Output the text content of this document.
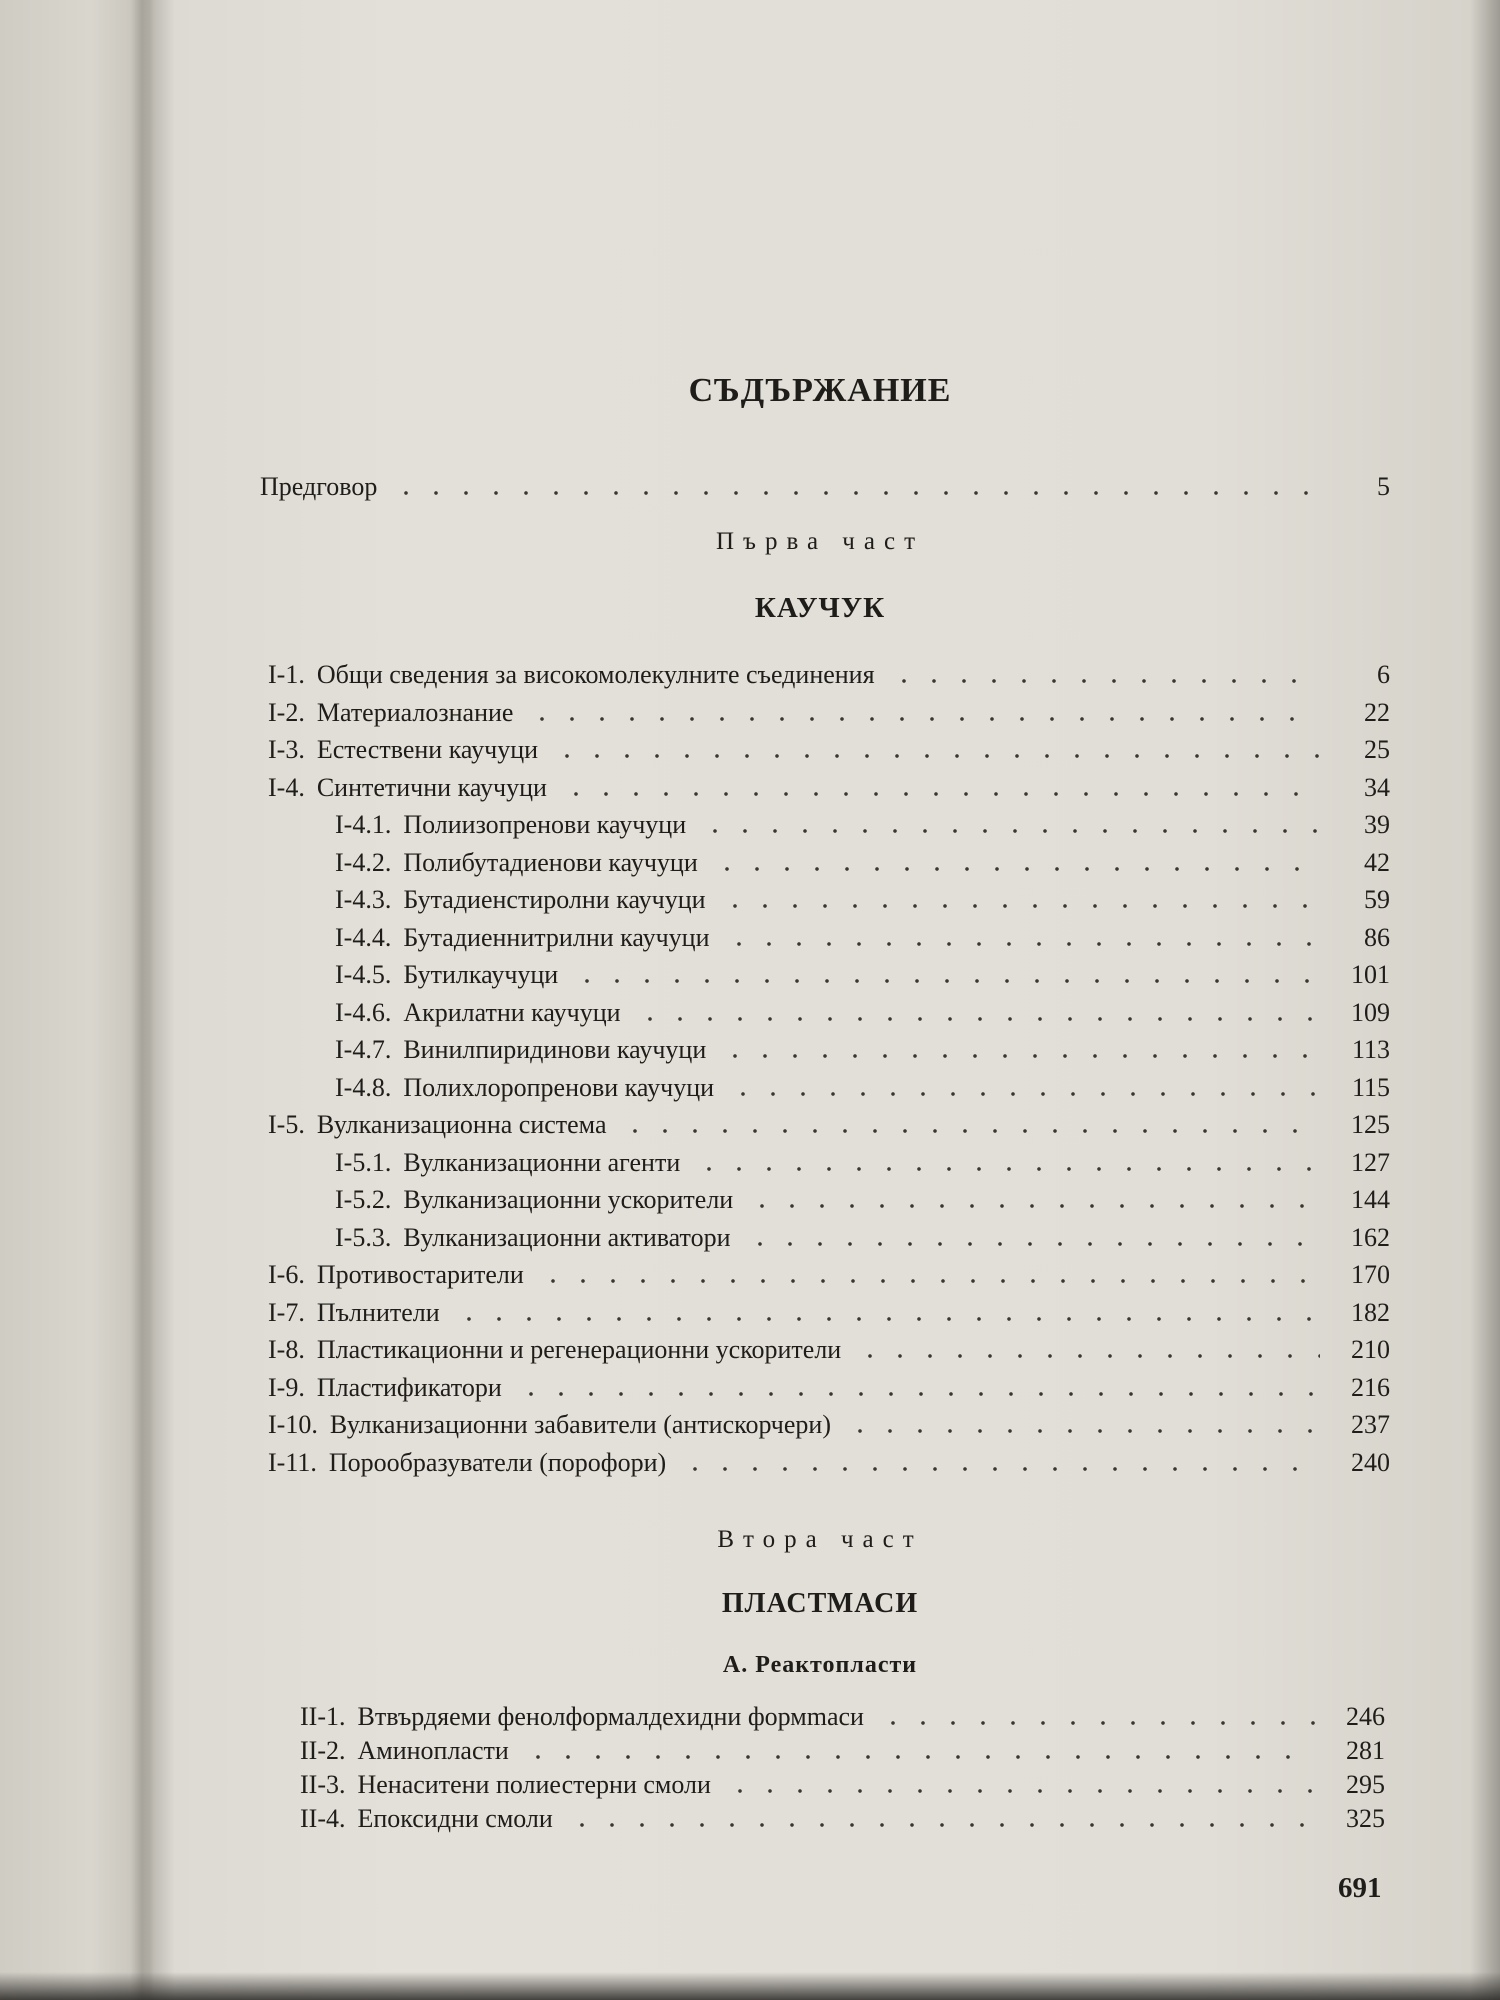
СЪДЪРЖАНИЕ
Предговор	5
Първа част
КАУЧУК
I-1. Общи сведения за високомолекулните съединения	6
I-2. Материалознание	22
I-3. Естествени каучуци	25
I-4. Синтетични каучуци	34
I-4.1. Полиизопренови каучуци	39
I-4.2. Полибутадиенови каучуци	42
I-4.3. Бутадиенстиролни каучуци	59
I-4.4. Бутадиеннитрилни каучуци	86
I-4.5. Бутилкаучуци	101
I-4.6. Акрилатни каучуци	109
I-4.7. Винилпиридинови каучуци	113
I-4.8. Полихлоропренови каучуци	115
I-5. Вулканизационна система	125
I-5.1. Вулканизационни агенти	127
I-5.2. Вулканизационни ускорители	144
I-5.3. Вулканизационни активатори	162
I-6. Противостарители	170
I-7. Пълнители	182
I-8. Пластикационни и регенерационни ускорители	210
I-9. Пластификатори	216
I-10. Вулканизационни забавители (антискорчери)	237
I-11. Порообразуватели (порофори)	240
Втора част
ПЛАСТМАСИ
А. Реактопласти
II-1. Втвърдяеми фенолформалдехидни формmаси	246
II-2. Аминопласти	281
II-3. Ненаситени полиестерни смоли	295
II-4. Епоксидни смоли	325
691
